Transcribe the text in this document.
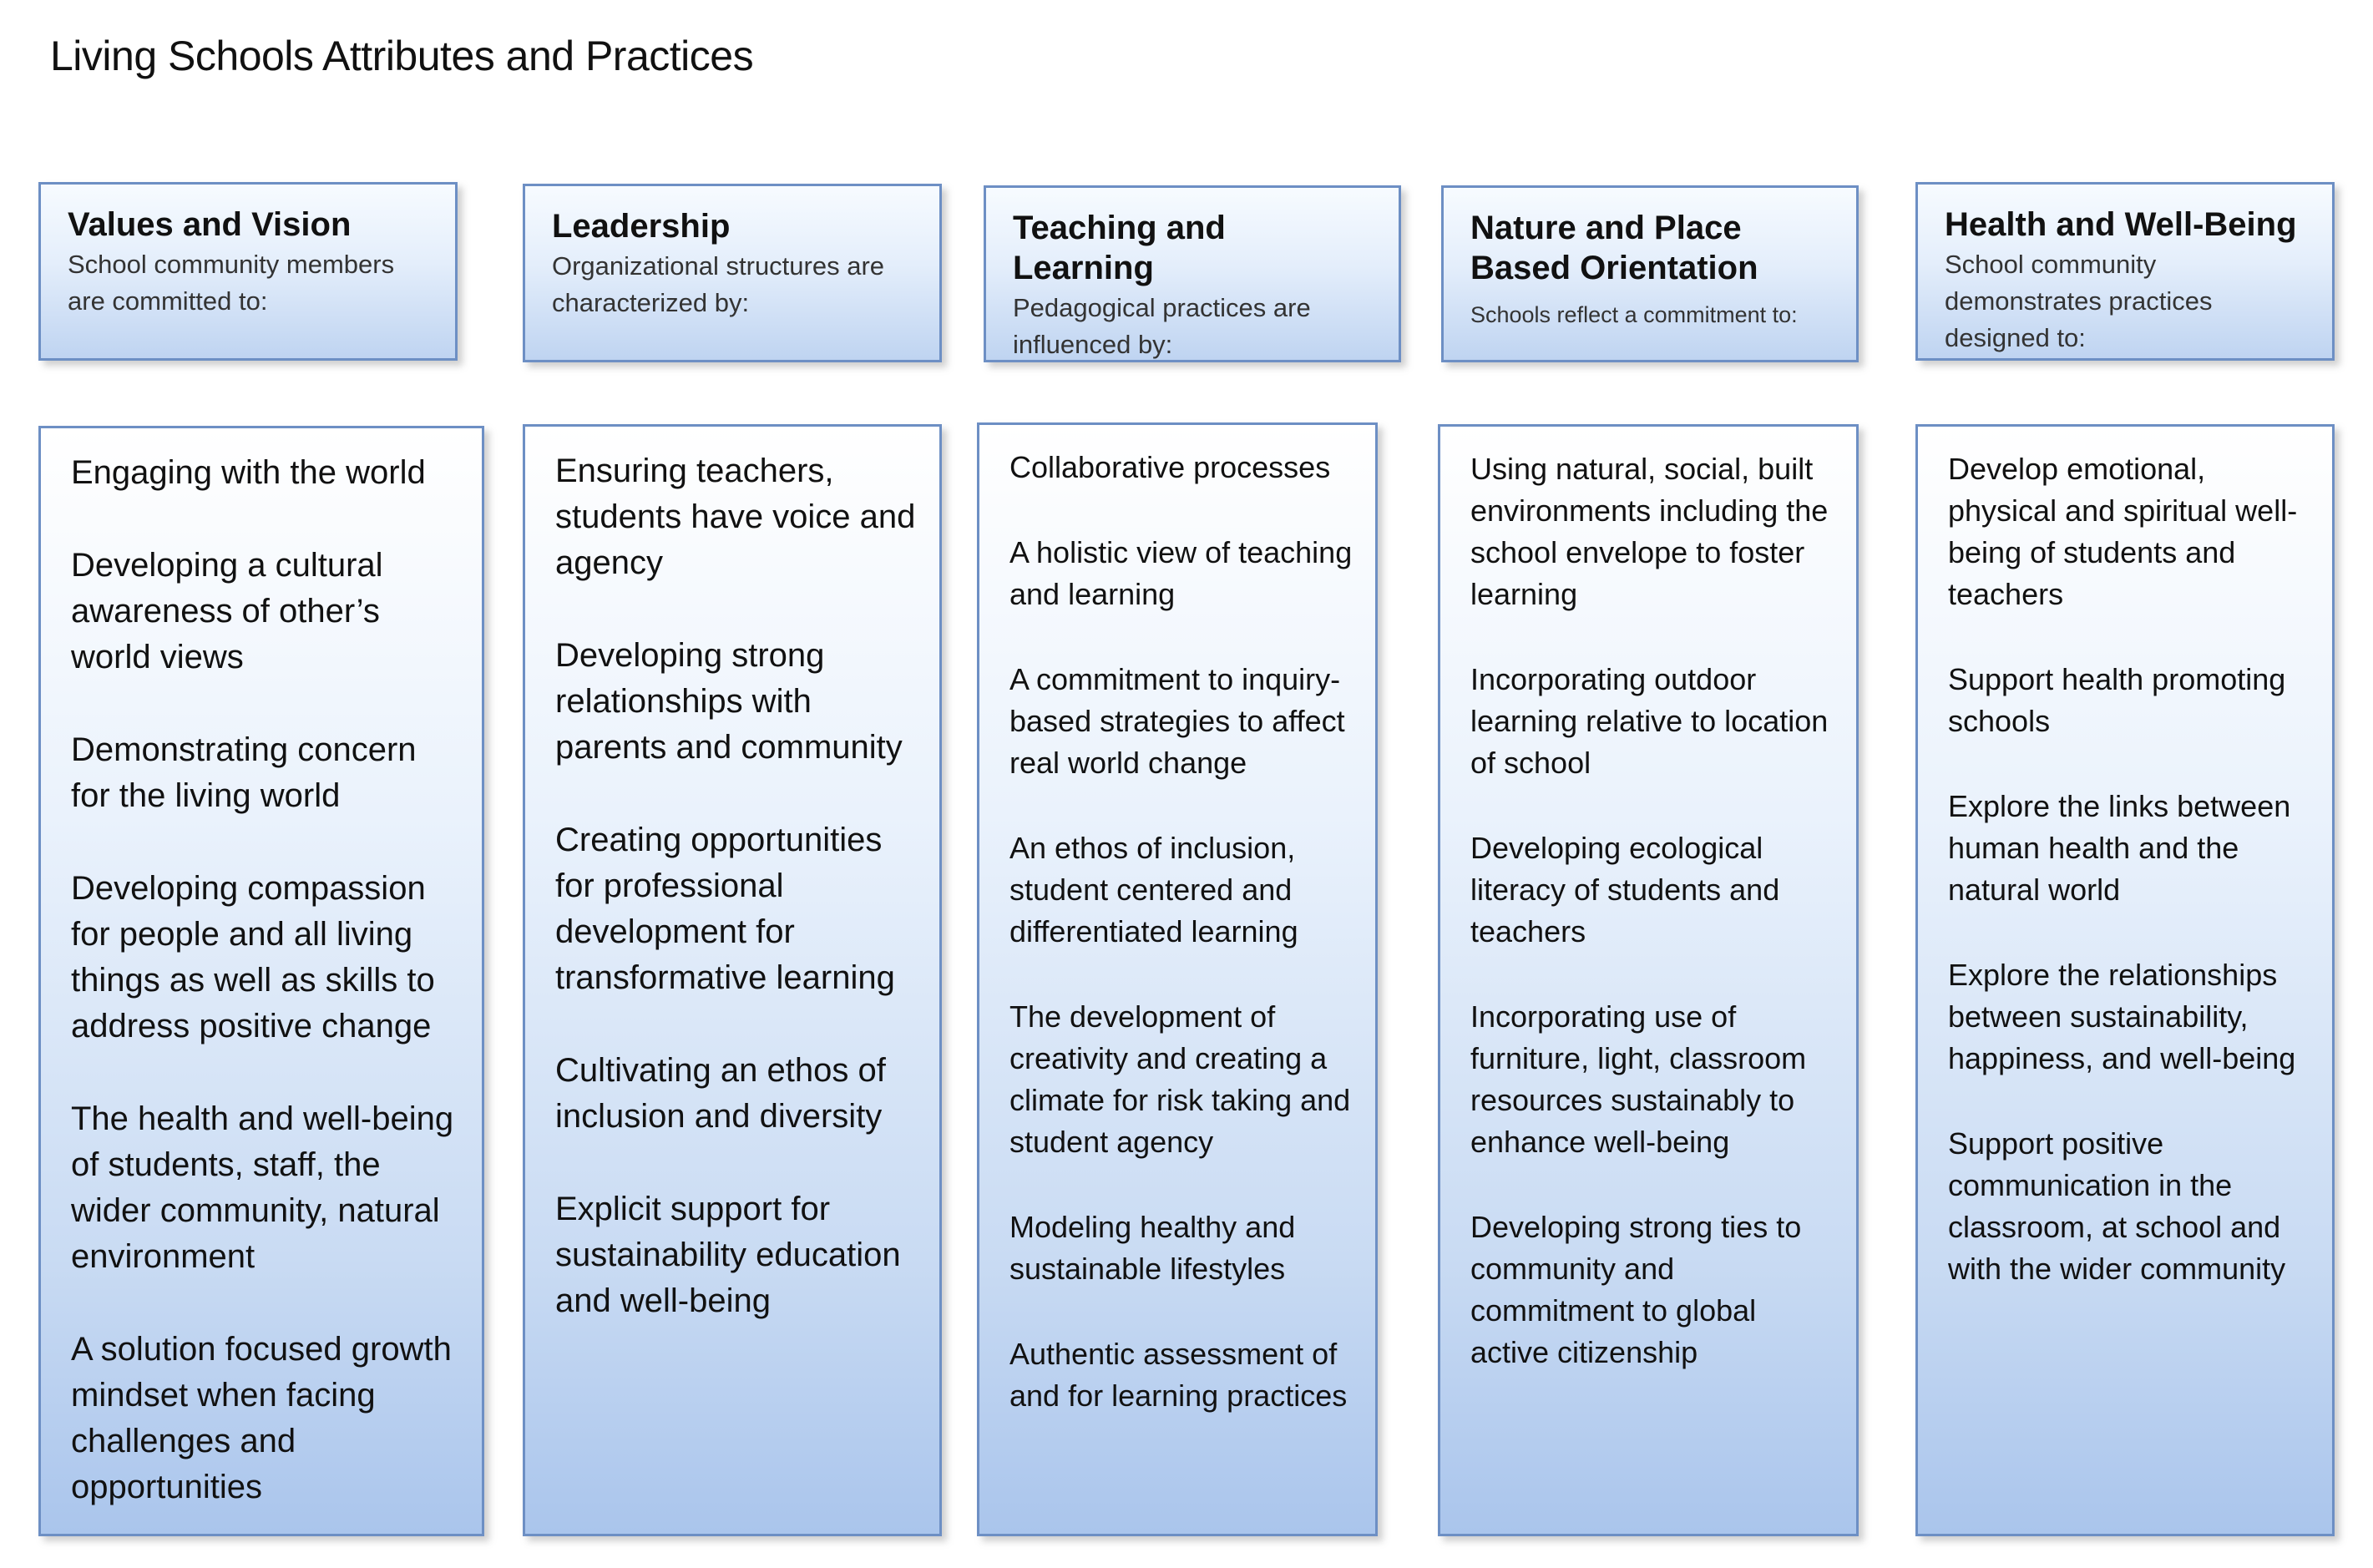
Living Schools Attributes and Practices
Values and Vision
School community members are committed to:
Engaging with the world
Developing a cultural awareness of other’s world views
Demonstrating concern for the living world
Developing compassion for people and all living things as well as skills to address positive change
The health and well-being of students, staff, the wider community, natural environment
A solution focused growth mindset when facing challenges and opportunities
Leadership
Organizational structures are characterized by:
Ensuring teachers, students have voice and agency
Developing strong relationships with parents and community
Creating opportunities for professional development for transformative learning
Cultivating an ethos of inclusion and diversity
Explicit support for sustainability education and well-being
Teaching and Learning
Pedagogical practices are influenced by:
Collaborative processes
A holistic view of teaching and learning
A commitment to inquiry-based strategies to affect real world change
An ethos of inclusion, student centered and differentiated learning
The development of creativity and creating a climate for risk taking and student agency
Modeling healthy and sustainable lifestyles
Authentic assessment of and for learning practices
Nature and Place Based Orientation
Schools reflect a commitment to:
Using natural, social, built environments including the school envelope to foster learning
Incorporating outdoor learning relative to location of school
Developing ecological literacy of students and teachers
Incorporating use of furniture, light, classroom resources sustainably to enhance well-being
Developing strong ties to community and commitment to global active citizenship
Health and Well-Being
School community demonstrates practices designed to:
Develop emotional, physical and spiritual well-being of students and teachers
Support health promoting schools
Explore the links between human health and the natural world
Explore the relationships between sustainability, happiness, and well-being
Support positive communication in the classroom, at school and with the wider community
